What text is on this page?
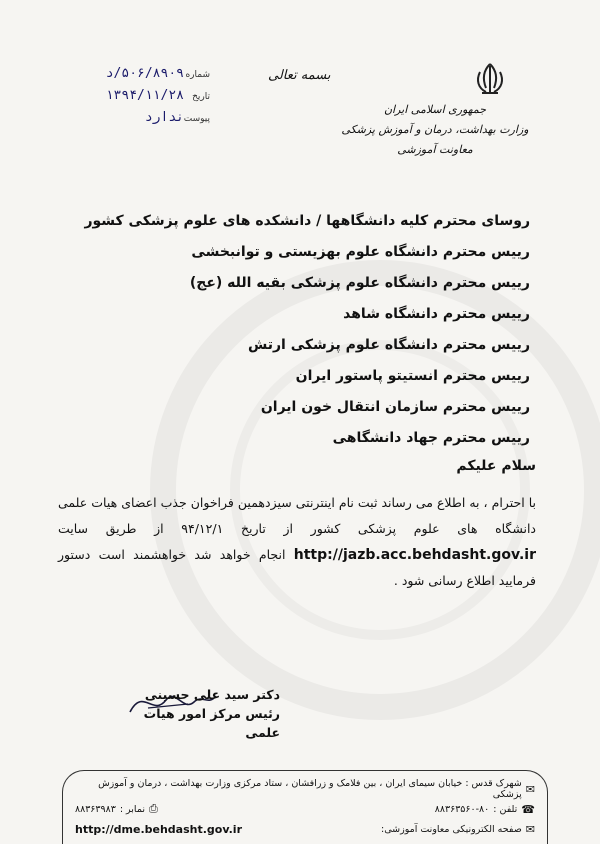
شماره
۵۰۶/۸۹۰۹/د
تاریخ
۱۳۹۴/۱۱/۲۸
پیوست
ندارد
بسمه تعالی
جمهوری اسلامی ایران
وزارت بهداشت، درمان و آموزش پزشکی
معاونت آموزشی
روسای محترم کلیه دانشگاهها / دانشکده های علوم پزشکی کشور
رییس محترم دانشگاه علوم بهزیستی و توانبخشی
رییس محترم دانشگاه علوم پزشکی بقیه الله (عج)
رییس محترم دانشگاه شاهد
رییس محترم دانشگاه علوم پزشکی ارتش
رییس محترم انستیتو پاستور ایران
رییس محترم سازمان انتقال خون ایران
رییس محترم جهاد دانشگاهی
سلام علیکم
با احترام ، به اطلاع می رساند ثبت نام اینترنتی سیزدهمین فراخوان جذب اعضای هیات علمی دانشگاه های علوم پزشکی کشور از تاریخ ۹۴/۱۲/۱ از طریق سایت http://jazb.acc.behdasht.gov.ir انجام خواهد شد خواهشمند است دستور فرمایید اطلاع رسانی شود .
دکتر سید علی حسینی
رئیس مرکز امور هیات علمی
✉
شهرک قدس : خیابان سیمای ایران ، بین فلامک و زرافشان ، ستاد مرکزی وزارت بهداشت ، درمان و آموزش پزشکی
☎
تلفن :
۸۸۳۶۳۵۶۰-۸۰
⎙
نمابر :
۸۸۳۶۳۹۸۳
✉
صفحه الکترونیکی معاونت آموزشی:
http://dme.behdasht.gov.ir
